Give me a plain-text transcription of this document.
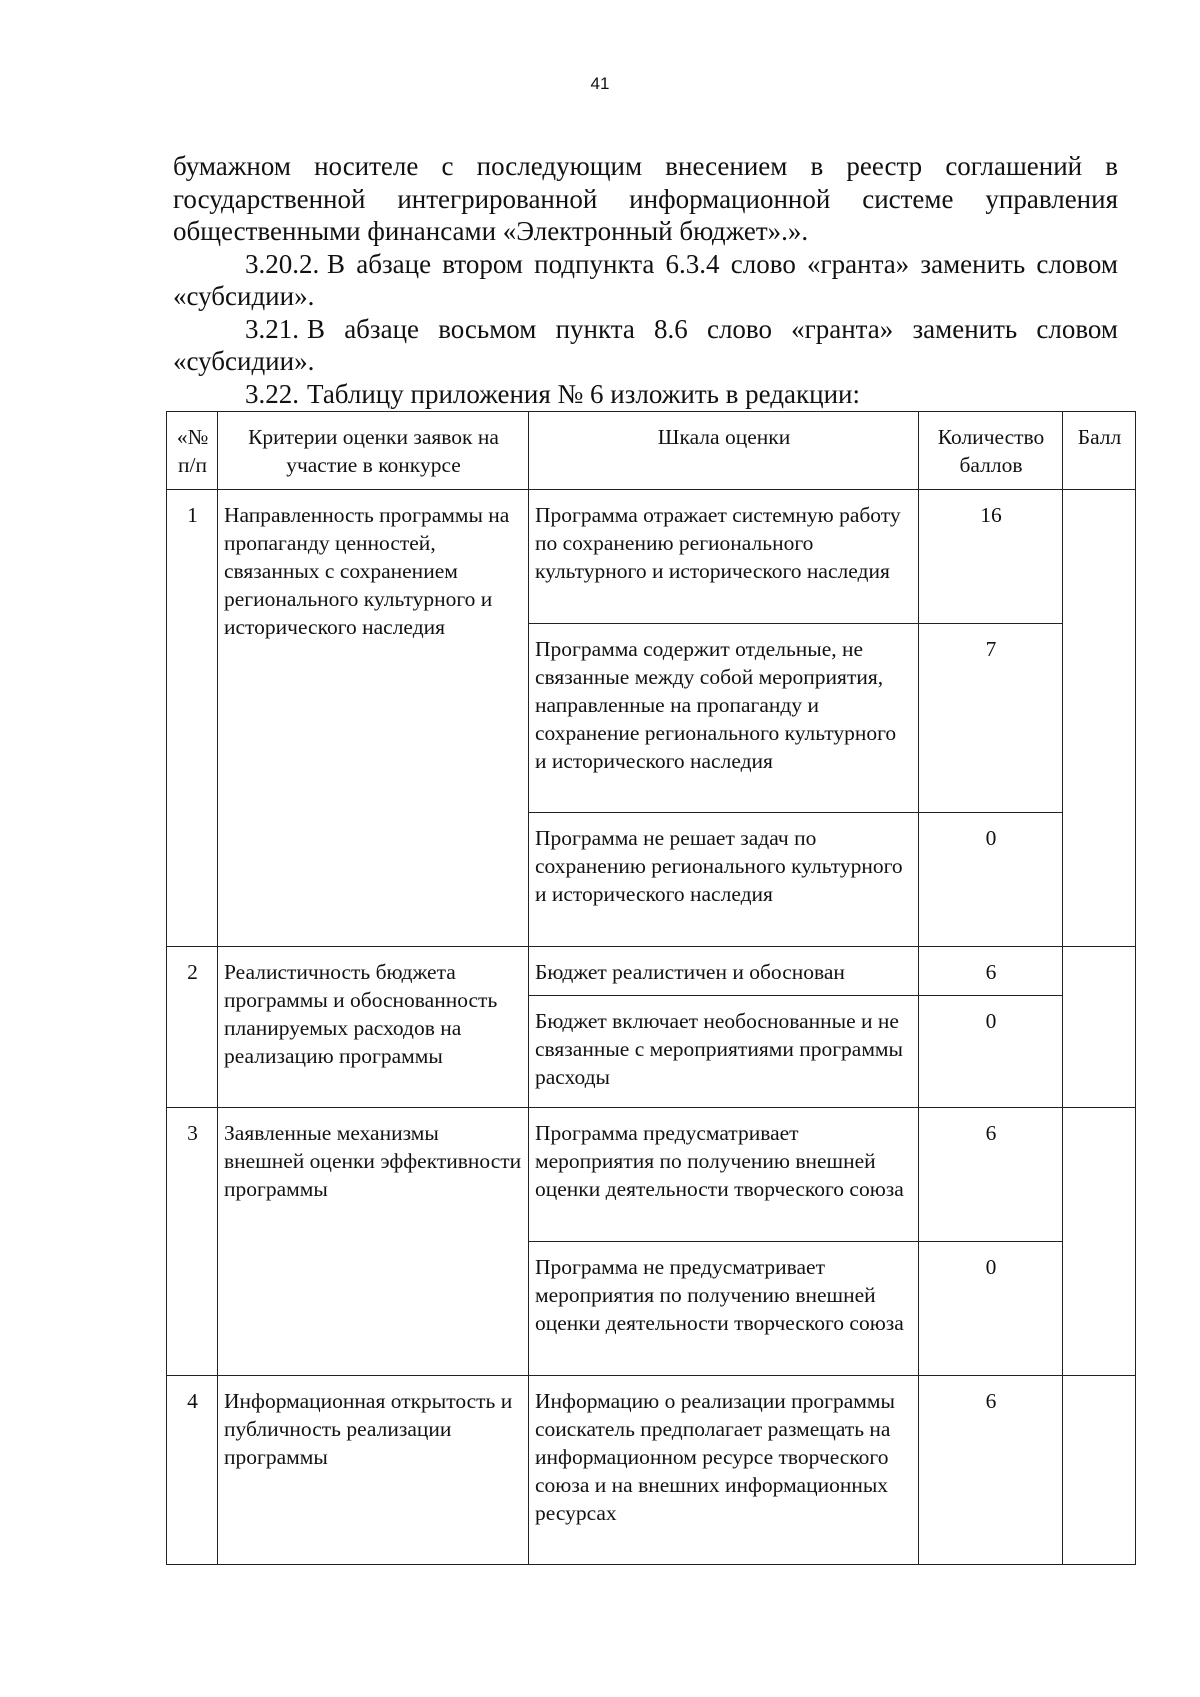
41

бумажном носителе с последующим внесением в реестр соглашений в государственной интегрированной информационной системе управления общественными финансами «Электронный бюджет».».

3.20.2. В абзаце втором подпункта 6.3.4 слово «гранта» заменить словом «субсидии».

3.21. В абзаце восьмом пункта 8.6 слово «гранта» заменить словом «субсидии».

3.22. Таблицу приложения № 6 изложить в редакции:

«№ п/п	Критерии оценки заявок на участие в конкурсе	Шкала оценки	Количество баллов	Балл
1	Направленность программы на пропаганду ценностей, связанных с сохранением регионального культурного и исторического наследия	Программа отражает системную работу по сохранению регионального культурного и исторического наследия	16	
		Программа содержит отдельные, не связанные между собой мероприятия, направленные на пропаганду и сохранение регионального культурного и исторического наследия	7	
		Программа не решает задач по сохранению регионального культурного и исторического наследия	0	
2	Реалистичность бюджета программы и обоснованность планируемых расходов на реализацию программы	Бюджет реалистичен и обоснован	6	
		Бюджет включает необоснованные и не связанные с мероприятиями программы расходы	0	
3	Заявленные механизмы внешней оценки эффективности программы	Программа предусматривает мероприятия по получению внешней оценки деятельности творческого союза	6	
		Программа не предусматривает мероприятия по получению внешней оценки деятельности творческого союза	0	
4	Информационная открытость и публичность реализации программы	Информацию о реализации программы соискатель предполагает размещать на информационном ресурсе творческого союза и на внешних информационных ресурсах	6	
